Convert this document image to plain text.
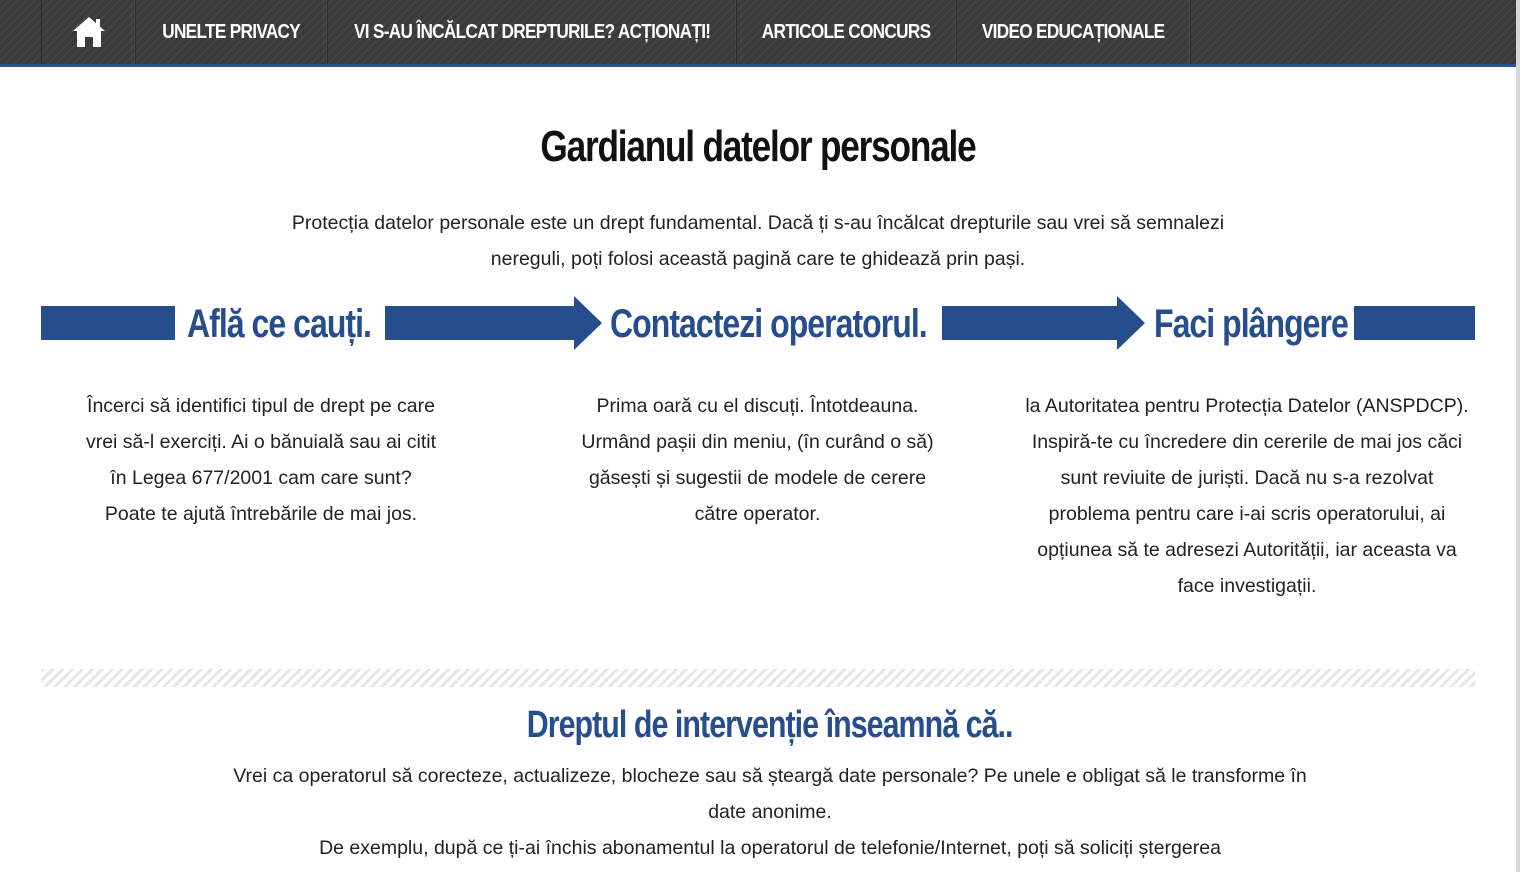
UNELTE PRIVACY	VI S-AU ÎNCĂLCAT DREPTURILE? ACȚIONAȚI!	ARTICOLE CONCURS	VIDEO EDUCAȚIONALE
Gardianul datelor personale
Protecția datelor personale este un drept fundamental. Dacă ți s-au încălcat drepturile sau vrei să semnalezi nereguli, poți folosi această pagină care te ghidează prin pași.
Află ce cauți.	Contactezi operatorul.	Faci plângere
Încerci să identifici tipul de drept pe care vrei să-l exerciți. Ai o bănuială sau ai citit în Legea 677/2001 cam care sunt? Poate te ajută întrebările de mai jos.
Prima oară cu el discuți. Întotdeauna. Urmând pașii din meniu, (în curând o să) găsești și sugestii de modele de cerere către operator.
la Autoritatea pentru Protecția Datelor (ANSPDCP). Inspiră-te cu încredere din cererile de mai jos căci sunt reviuite de juriști. Dacă nu s-a rezolvat problema pentru care i-ai scris operatorului, ai opțiunea să te adresezi Autorității, iar aceasta va face investigații.
Dreptul de intervenție înseamnă că..
Vrei ca operatorul să corecteze, actualizeze, blocheze sau să șteargă date personale? Pe unele e obligat să le transforme în date anonime.
De exemplu, după ce ți-ai închis abonamentul la operatorul de telefonie/Internet, poți să soliciți ștergerea
